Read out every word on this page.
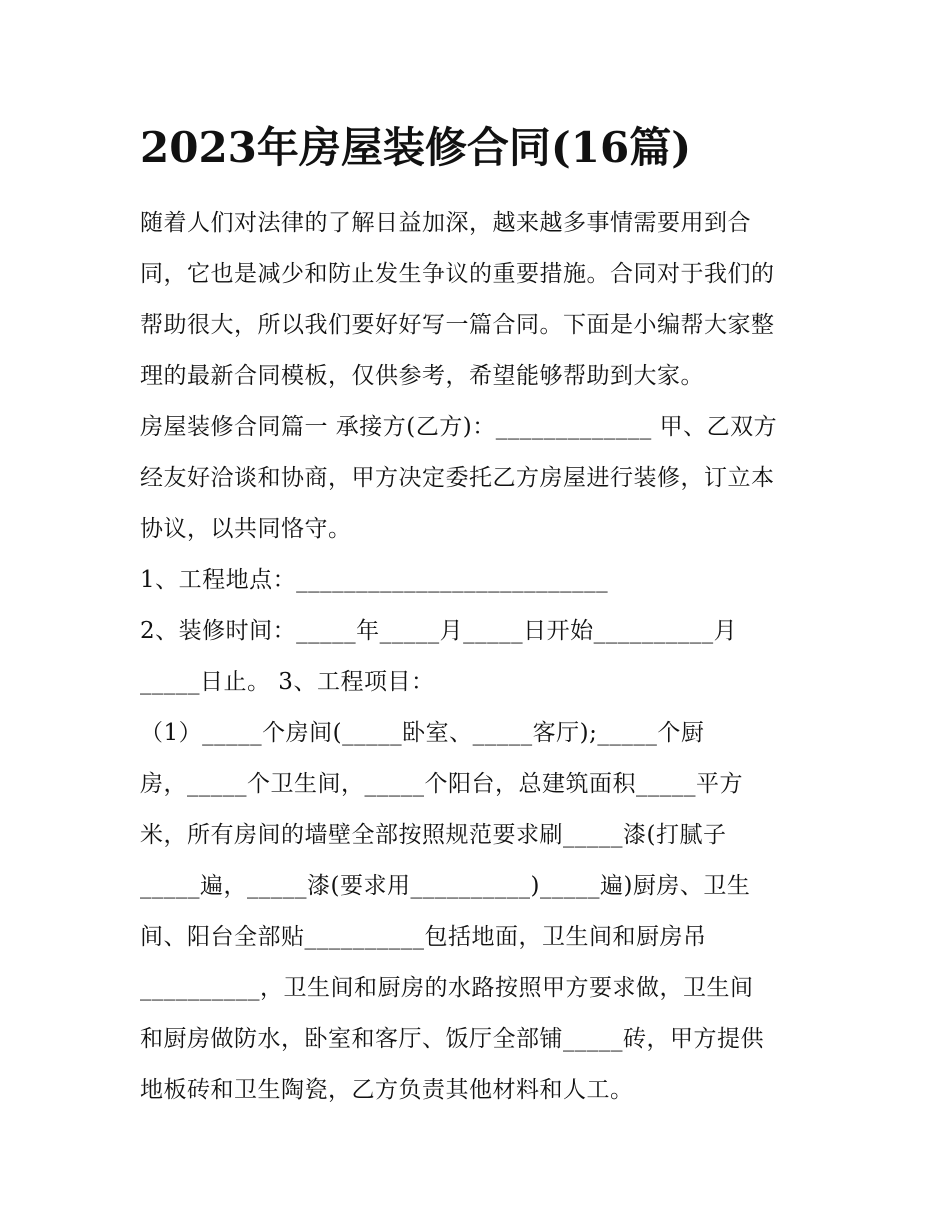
2023年房屋装修合同(16篇)
随着人们对法律的了解日益加深，越来越多事情需要用到合
同，它也是减少和防止发生争议的重要措施。合同对于我们的
帮助很大，所以我们要好好写一篇合同。下面是小编帮大家整
理的最新合同模板，仅供参考，希望能够帮助到大家。
房屋装修合同篇一 承接方(乙方)：_____________ 甲、乙双方
经友好洽谈和协商，甲方决定委托乙方房屋进行装修，订立本
协议，以共同恪守。
1、工程地点：__________________________
2、装修时间：_____年_____月_____日开始__________月
_____日止。 3、工程项目：
（1）_____个房间(_____卧室、_____客厅);_____个厨
房，_____个卫生间，_____个阳台，总建筑面积_____平方
米，所有房间的墙壁全部按照规范要求刷_____漆(打腻子
_____遍，_____漆(要求用__________)_____遍)厨房、卫生
间、阳台全部贴__________包括地面，卫生间和厨房吊
__________，卫生间和厨房的水路按照甲方要求做，卫生间
和厨房做防水，卧室和客厅、饭厅全部铺_____砖，甲方提供
地板砖和卫生陶瓷，乙方负责其他材料和人工。
